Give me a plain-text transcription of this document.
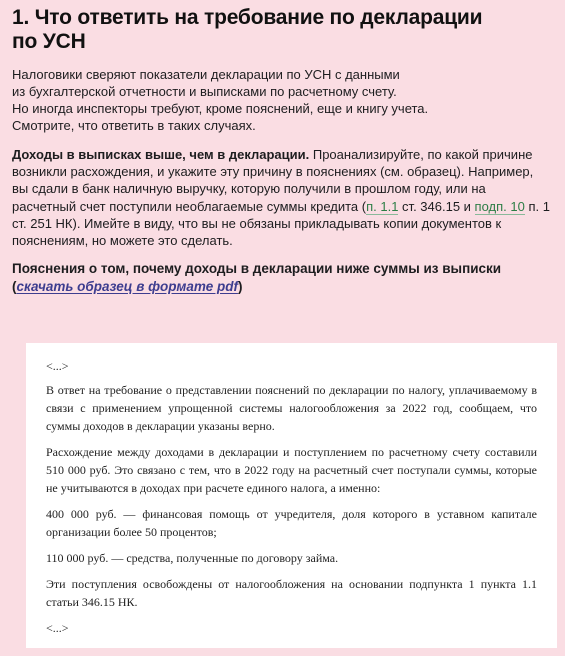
1. Что ответить на требование по декларации
по УСН

Налоговики сверяют показатели декларации по УСН с данными

из бухгалтерской отчетности и выписками по расчетному счету.

Но иногда инспекторы требуют, кроме пояснений, еще и книгу учета.

Смотрите, что ответить в таких случаях.

Доходы в выписках выше, чем в декларации. Проанализируйте, по какой причине возникли расхождения, и укажите эту причину в пояснениях (см. образец). Например, вы сдали в банк наличную выручку, которую получили в прошлом году, или на расчетный счет поступили необлагаемые суммы кредита (п. 1.1 ст. 346.15 и подп. 10 п. 1 ст. 251 НК). Имейте в виду, что вы не обязаны прикладывать копии документов к пояснениям, но можете это сделать.
Пояснения о том, почему доходы в декларации ниже суммы из выписки (скачать образец в формате pdf)

<...>

В ответ на требование о представлении пояснений по декларации по налогу, уплачиваемому в связи с применением упрощенной системы налогообложения за 2022 год, сообщаем, что суммы доходов в декларации указаны верно.

Расхождение между доходами в декларации и поступлением по расчетному счету составили 510 000 руб. Это связано с тем, что в 2022 году на расчетный счет поступали суммы, которые не учитываются в доходах при расчете единого налога, а именно:

400 000 руб. — финансовая помощь от учредителя, доля которого в уставном капитале организации более 50 процентов;

110 000 руб. — средства, полученные по договору займа.

Эти поступления освобождены от налогообложения на основании подпункта 1 пункта 1.1 статьи 346.15 НК.

<...>
